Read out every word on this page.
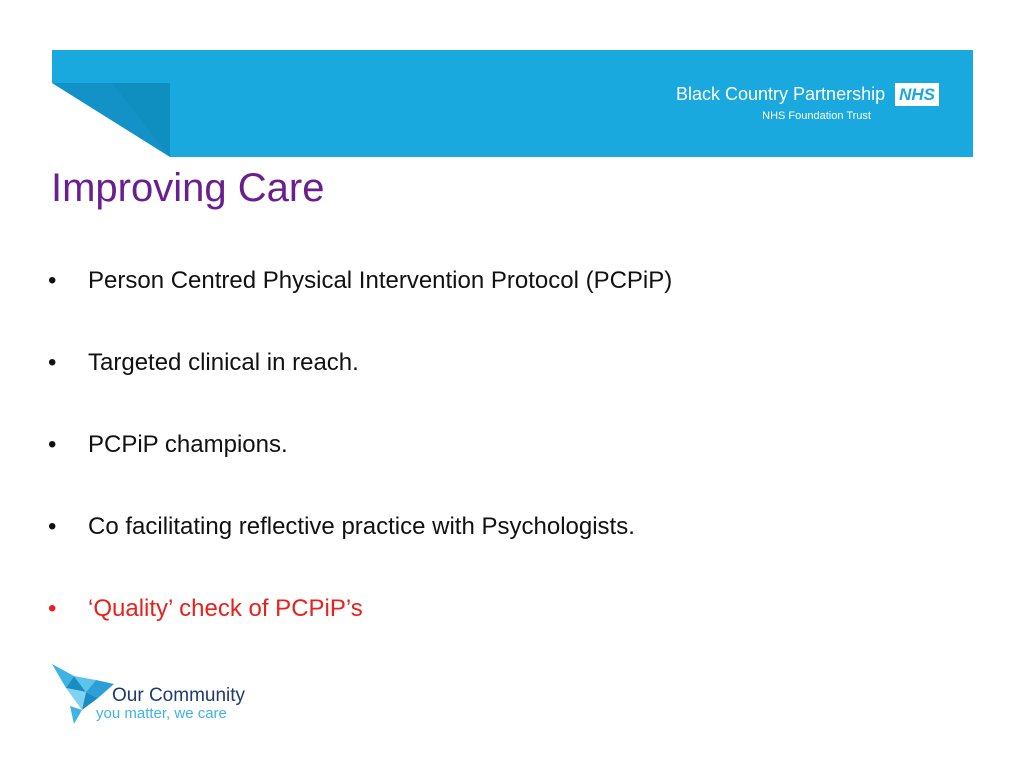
Black Country Partnership NHS
NHS Foundation Trust
Improving Care
•	Person Centred Physical Intervention Protocol (PCPiP)
•	Targeted clinical in reach.
•	PCPiP champions.
•	Co facilitating reflective practice with Psychologists.
•	‘Quality’ check of PCPiP’s
Our Community
you matter, we care
